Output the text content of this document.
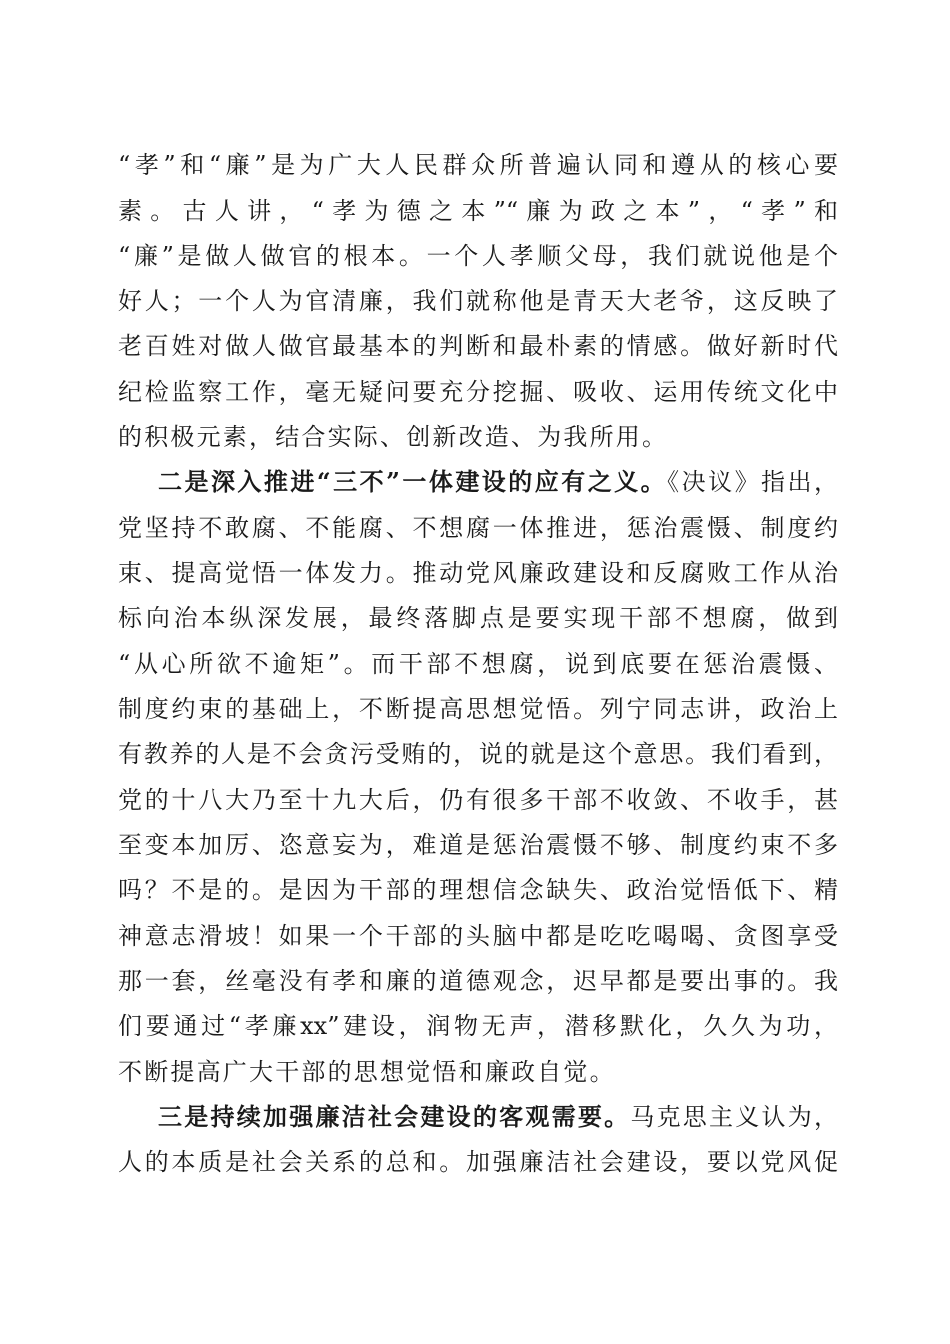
“孝”和“廉”是为广大人民群众所普遍认同和遵从的核心要
素。古人讲，“孝为德之本”“廉为政之本”，“孝”和
“廉”是做人做官的根本。一个人孝顺父母，我们就说他是个
好人；一个人为官清廉，我们就称他是青天大老爷，这反映了
老百姓对做人做官最基本的判断和最朴素的情感。做好新时代
纪检监察工作，毫无疑问要充分挖掘、吸收、运用传统文化中
的积极元素，结合实际、创新改造、为我所用。
二是深入推进“三不”一体建设的应有之义。《决议》指出，
党坚持不敢腐、不能腐、不想腐一体推进，惩治震慑、制度约
束、提高觉悟一体发力。推动党风廉政建设和反腐败工作从治
标向治本纵深发展，最终落脚点是要实现干部不想腐，做到
“从心所欲不逾矩”。而干部不想腐，说到底要在惩治震慑、
制度约束的基础上，不断提高思想觉悟。列宁同志讲，政治上
有教养的人是不会贪污受贿的，说的就是这个意思。我们看到，
党的十八大乃至十九大后，仍有很多干部不收敛、不收手，甚
至变本加厉、恣意妄为，难道是惩治震慑不够、制度约束不多
吗？不是的。是因为干部的理想信念缺失、政治觉悟低下、精
神意志滑坡！如果一个干部的头脑中都是吃吃喝喝、贪图享受
那一套，丝毫没有孝和廉的道德观念，迟早都是要出事的。我
们要通过“孝廉xx”建设，润物无声，潜移默化，久久为功，
不断提高广大干部的思想觉悟和廉政自觉。
三是持续加强廉洁社会建设的客观需要。马克思主义认为，
人的本质是社会关系的总和。加强廉洁社会建设，要以党风促
